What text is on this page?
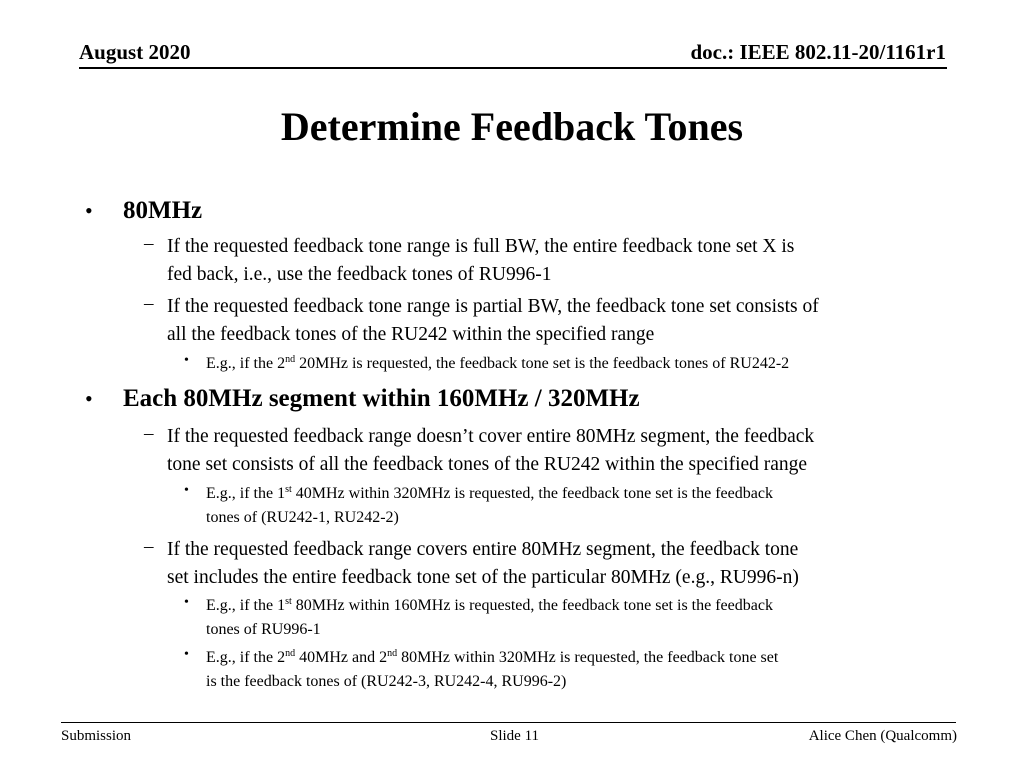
August 2020	doc.: IEEE 802.11-20/1161r1
Determine Feedback Tones
• 80MHz
– If the requested feedback tone range is full BW, the entire feedback tone set X is
fed back, i.e., use the feedback tones of RU996-1
– If the requested feedback tone range is partial BW, the feedback tone set consists of
all the feedback tones of the RU242 within the specified range
• E.g., if the 2nd 20MHz is requested, the feedback tone set is the feedback tones of RU242-2
• Each 80MHz segment within 160MHz / 320MHz
– If the requested feedback range doesn’t cover entire 80MHz segment, the feedback
tone set consists of all the feedback tones of the RU242 within the specified range
• E.g., if the 1st 40MHz within 320MHz is requested, the feedback tone set is the feedback
tones of (RU242-1, RU242-2)
– If the requested feedback range covers entire 80MHz segment, the feedback tone
set includes the entire feedback tone set of the particular 80MHz (e.g., RU996-n)
• E.g., if the 1st 80MHz within 160MHz is requested, the feedback tone set is the feedback
tones of RU996-1
• E.g., if the 2nd 40MHz and 2nd 80MHz within 320MHz is requested, the feedback tone set
is the feedback tones of (RU242-3, RU242-4, RU996-2)
Submission	Slide 11	Alice Chen (Qualcomm)
